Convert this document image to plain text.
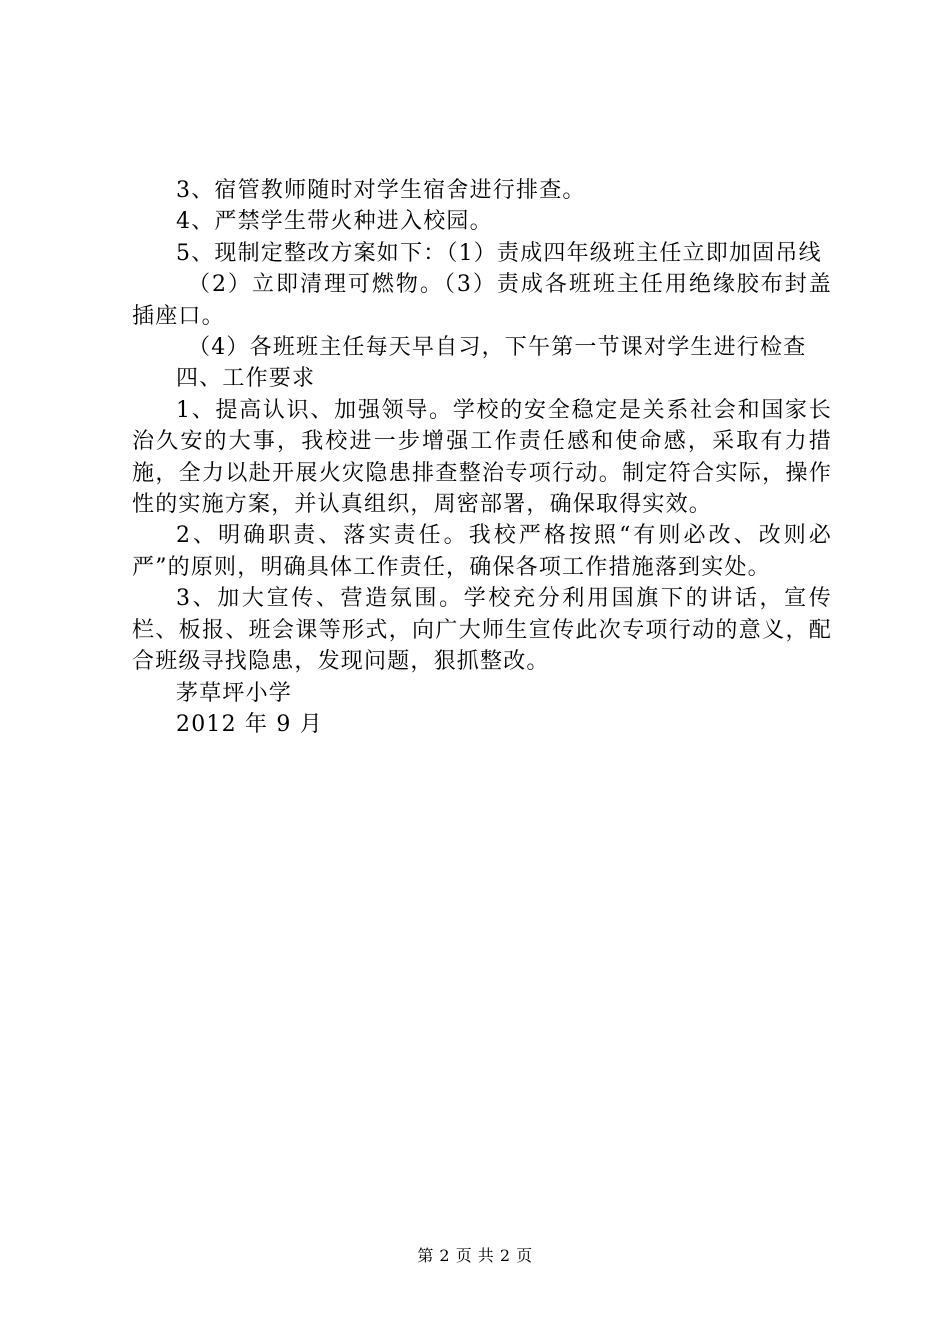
3、宿管教师随时对学生宿舍进行排查。

4、严禁学生带火种进入校园。

5、现制定整改方案如下：（1）责成四年级班主任立即加固吊线

（2）立即清理可燃物。（3）责成各班班主任用绝缘胶布封盖插座口。

（4）各班班主任每天早自习，下午第一节课对学生进行检查

四、工作要求

1、提高认识、加强领导。学校的安全稳定是关系社会和国家长治久安的大事，我校进一步增强工作责任感和使命感，采取有力措施，全力以赴开展火灾隐患排查整治专项行动。制定符合实际，操作性的实施方案，并认真组织，周密部署，确保取得实效。

2、明确职责、落实责任。我校严格按照“有则必改、改则必严”的原则，明确具体工作责任，确保各项工作措施落到实处。

3、加大宣传、营造氛围。学校充分利用国旗下的讲话，宣传栏、板报、班会课等形式，向广大师生宣传此次专项行动的意义，配合班级寻找隐患，发现问题，狠抓整改。

茅草坪小学

2012 年 9 月

第 2 页 共 2 页
